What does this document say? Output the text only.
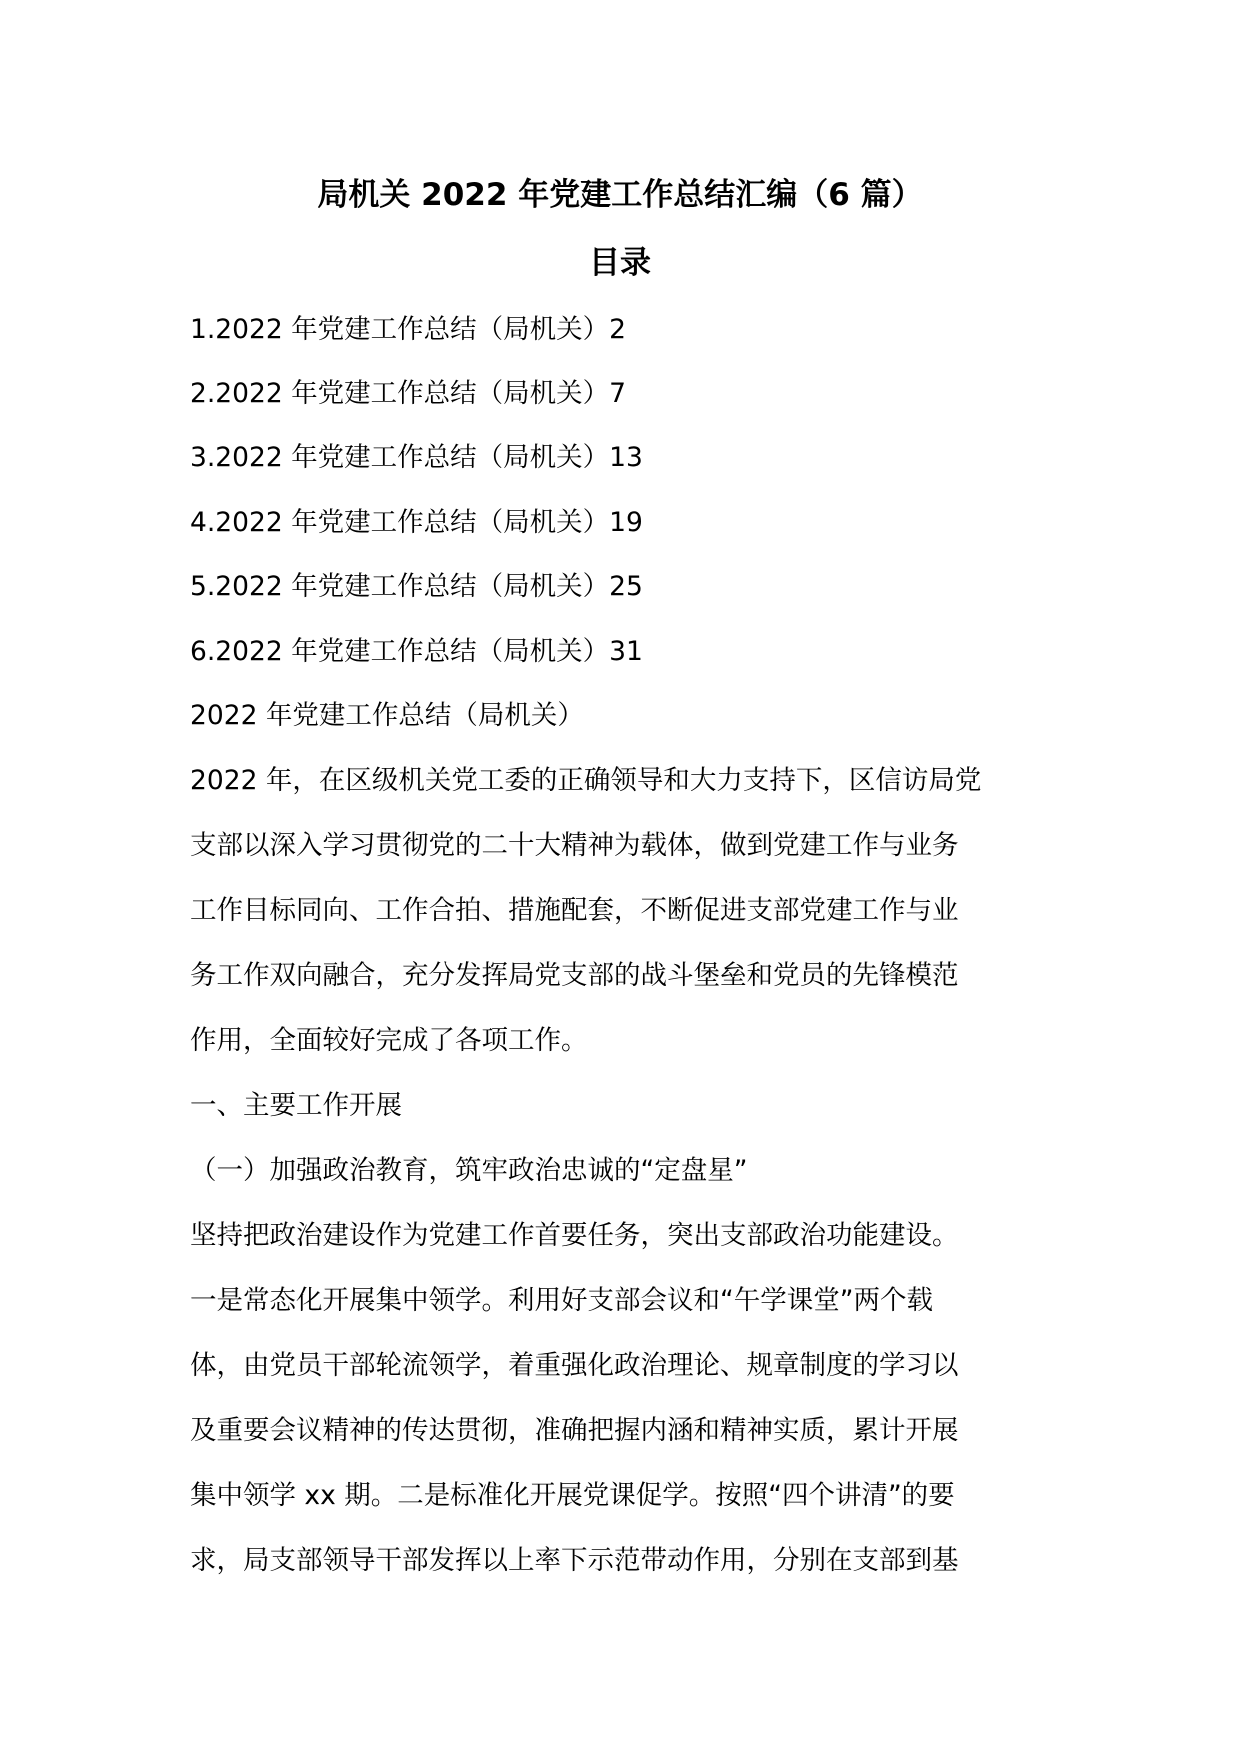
局机关 2022 年党建工作总结汇编（6 篇）
目录
1.2022 年党建工作总结（局机关）2
2.2022 年党建工作总结（局机关）7
3.2022 年党建工作总结（局机关）13
4.2022 年党建工作总结（局机关）19
5.2022 年党建工作总结（局机关）25
6.2022 年党建工作总结（局机关）31
2022 年党建工作总结（局机关）
2022 年，在区级机关党工委的正确领导和大力支持下，区信访局党
支部以深入学习贯彻党的二十大精神为载体，做到党建工作与业务
工作目标同向、工作合拍、措施配套，不断促进支部党建工作与业
务工作双向融合，充分发挥局党支部的战斗堡垒和党员的先锋模范
作用，全面较好完成了各项工作。
一、主要工作开展
（一）加强政治教育，筑牢政治忠诚的“定盘星”
坚持把政治建设作为党建工作首要任务，突出支部政治功能建设。
一是常态化开展集中领学。利用好支部会议和“午学课堂”两个载
体，由党员干部轮流领学，着重强化政治理论、规章制度的学习以
及重要会议精神的传达贯彻，准确把握内涵和精神实质，累计开展
集中领学 xx 期。二是标准化开展党课促学。按照“四个讲清”的要
求，局支部领导干部发挥以上率下示范带动作用，分别在支部到基
